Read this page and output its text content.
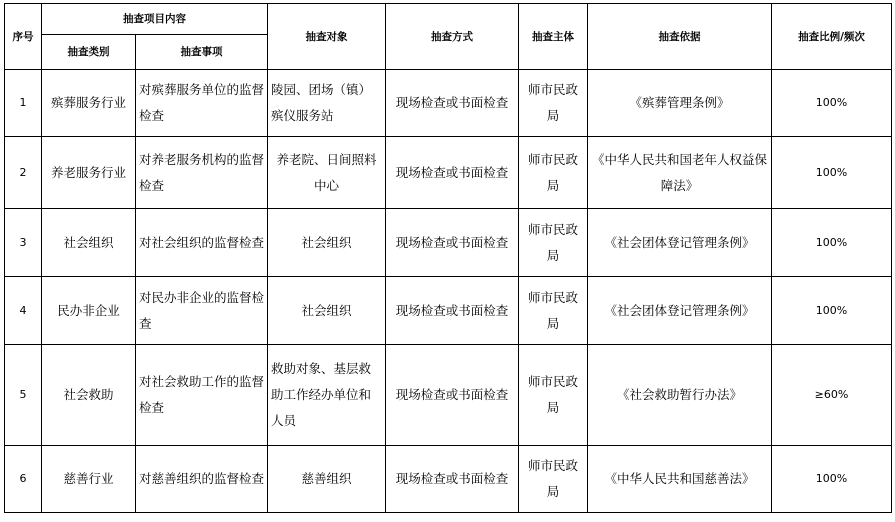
序号	抽查项目内容		抽查对象	抽查方式	抽查主体	抽查依据	抽查比例/频次
	抽查类别	抽查事项					
1	殡葬服务行业	对殡葬服务单位的监督检查	陵园、团场（镇）殡仪服务站	现场检查或书面检查	师市民政局	《殡葬管理条例》	100%
2	养老服务行业	对养老服务机构的监督检查	养老院、日间照料中心	现场检查或书面检查	师市民政局	《中华人民共和国老年人权益保障法》	100%
3	社会组织	对社会组织的监督检查	社会组织	现场检查或书面检查	师市民政局	《社会团体登记管理条例》	100%
4	民办非企业	对民办非企业的监督检查	社会组织	现场检查或书面检查	师市民政局	《社会团体登记管理条例》	100%
5	社会救助	对社会救助工作的监督检查	救助对象、基层救助工作经办单位和人员	现场检查或书面检查	师市民政局	《社会救助暂行办法》	≥60%
6	慈善行业	对慈善组织的监督检查	慈善组织	现场检查或书面检查	师市民政局	《中华人民共和国慈善法》	100%
